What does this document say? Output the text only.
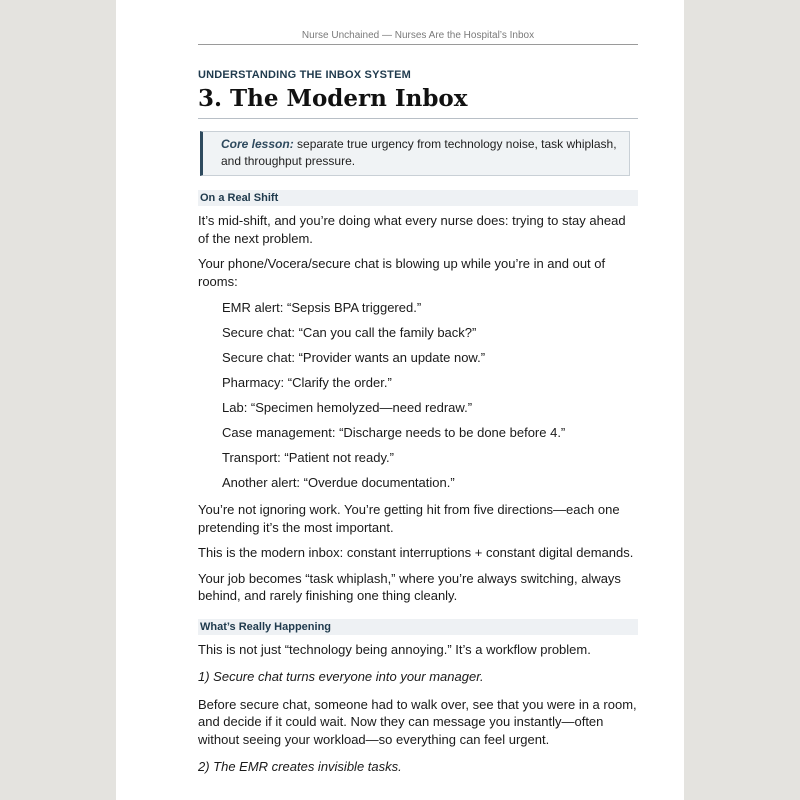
Nurse Unchained — Nurses Are the Hospital’s Inbox
UNDERSTANDING THE INBOX SYSTEM
3. The Modern Inbox
Core lesson: separate true urgency from technology noise, task whiplash, and throughput pressure.
On a Real Shift

It’s mid-shift, and you’re doing what every nurse does: trying to stay ahead of the next problem.

Your phone/Vocera/secure chat is blowing up while you’re in and out of rooms:

EMR alert: “Sepsis BPA triggered.”
Secure chat: “Can you call the family back?”
Secure chat: “Provider wants an update now.”
Pharmacy: “Clarify the order.”
Lab: “Specimen hemolyzed—need redraw.”
Case management: “Discharge needs to be done before 4.”
Transport: “Patient not ready.”
Another alert: “Overdue documentation.”

You’re not ignoring work. You’re getting hit from five directions—each one pretending it’s the most important.

This is the modern inbox: constant interruptions + constant digital demands.

Your job becomes “task whiplash,” where you’re always switching, always behind, and rarely finishing one thing cleanly.

What’s Really Happening

This is not just “technology being annoying.” It’s a workflow problem.

1) Secure chat turns everyone into your manager.

Before secure chat, someone had to walk over, see that you were in a room, and decide if it could wait. Now they can message you instantly—often without seeing your workload—so everything can feel urgent.

2) The EMR creates invisible tasks.
